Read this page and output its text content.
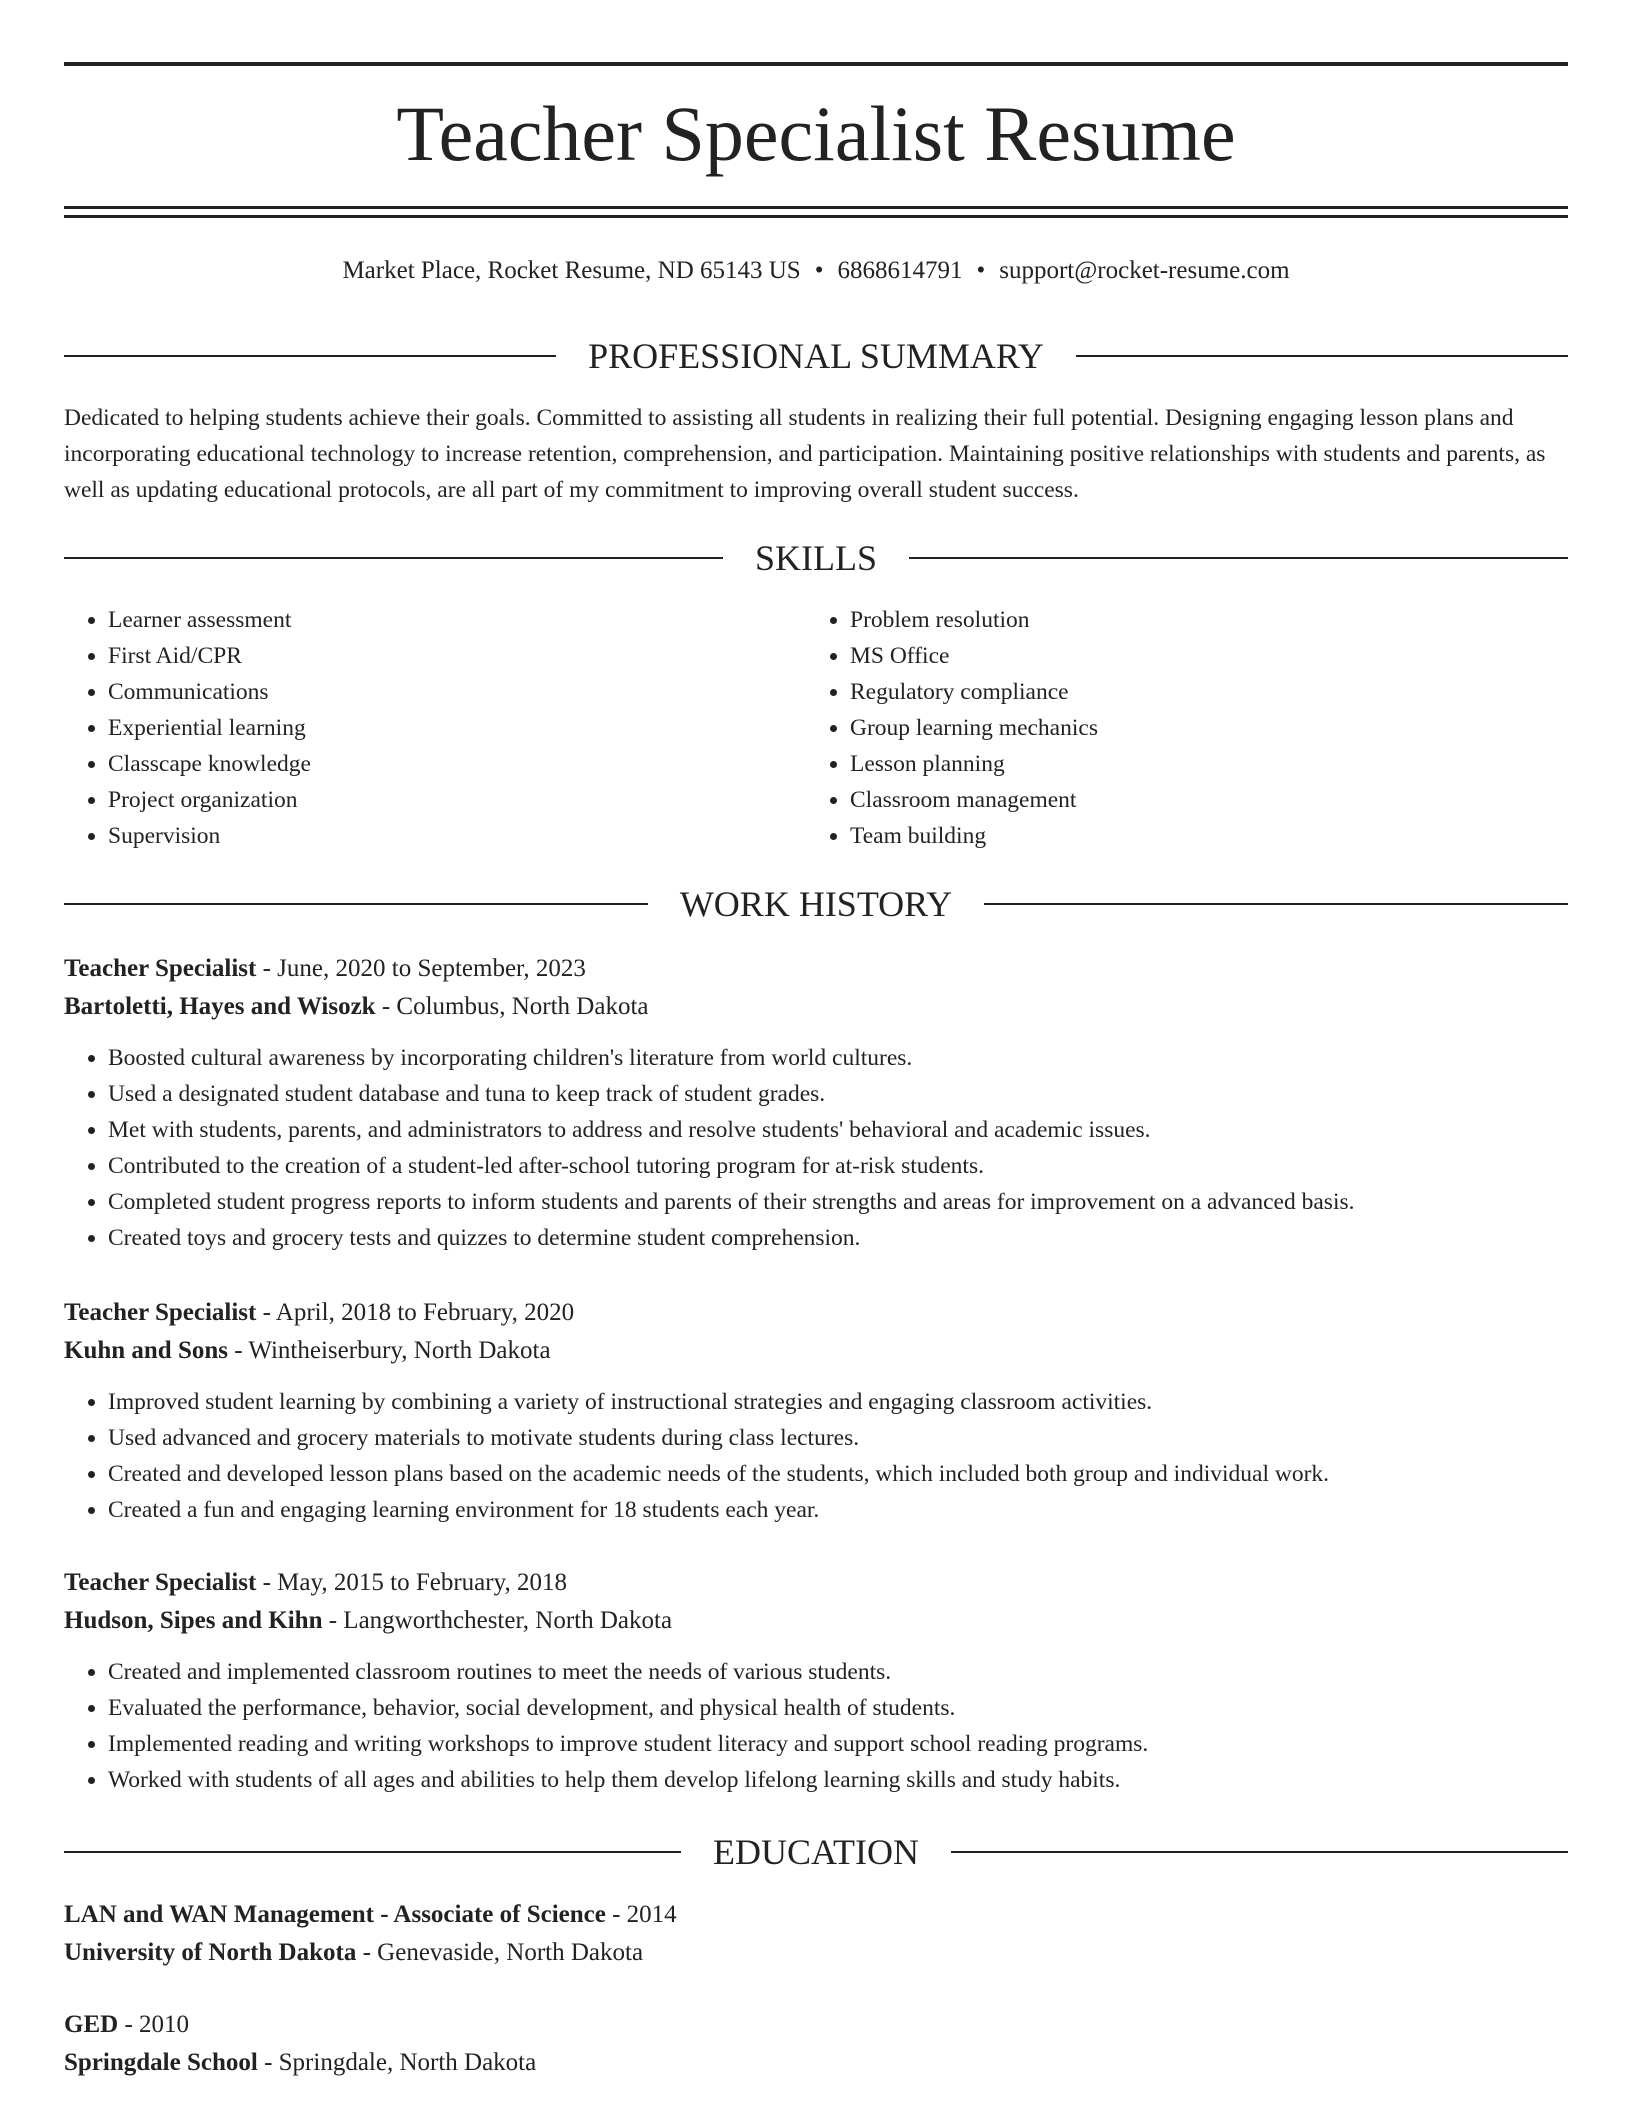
Teacher Specialist Resume
Market Place, Rocket Resume, ND 65143 US • 6868614791 • support@rocket-resume.com
PROFESSIONAL SUMMARY

Dedicated to helping students achieve their goals. Committed to assisting all students in realizing their full potential. Designing engaging lesson plans and incorporating educational technology to increase retention, comprehension, and participation. Maintaining positive relationships with students and parents, as well as updating educational protocols, are all part of my commitment to improving overall student success.

SKILLS
• Learner assessment
• First Aid/CPR
• Communications
• Experiential learning
• Classcape knowledge
• Project organization
• Supervision
• Problem resolution
• MS Office
• Regulatory compliance
• Group learning mechanics
• Lesson planning
• Classroom management
• Team building
WORK HISTORY

Teacher Specialist - June, 2020 to September, 2023

Bartoletti, Hayes and Wisozk - Columbus, North Dakota

• Boosted cultural awareness by incorporating children's literature from world cultures.
• Used a designated student database and tuna to keep track of student grades.
• Met with students, parents, and administrators to address and resolve students' behavioral and academic issues.
• Contributed to the creation of a student-led after-school tutoring program for at-risk students.
• Completed student progress reports to inform students and parents of their strengths and areas for improvement on a advanced basis.
• Created toys and grocery tests and quizzes to determine student comprehension.

Teacher Specialist - April, 2018 to February, 2020

Kuhn and Sons - Wintheiserbury, North Dakota

• Improved student learning by combining a variety of instructional strategies and engaging classroom activities.
• Used advanced and grocery materials to motivate students during class lectures.
• Created and developed lesson plans based on the academic needs of the students, which included both group and individual work.
• Created a fun and engaging learning environment for 18 students each year.

Teacher Specialist - May, 2015 to February, 2018

Hudson, Sipes and Kihn - Langworthchester, North Dakota

• Created and implemented classroom routines to meet the needs of various students.
• Evaluated the performance, behavior, social development, and physical health of students.
• Implemented reading and writing workshops to improve student literacy and support school reading programs.
• Worked with students of all ages and abilities to help them develop lifelong learning skills and study habits.
EDUCATION

LAN and WAN Management - Associate of Science - 2014

University of North Dakota - Genevaside, North Dakota

GED - 2010

Springdale School - Springdale, North Dakota
